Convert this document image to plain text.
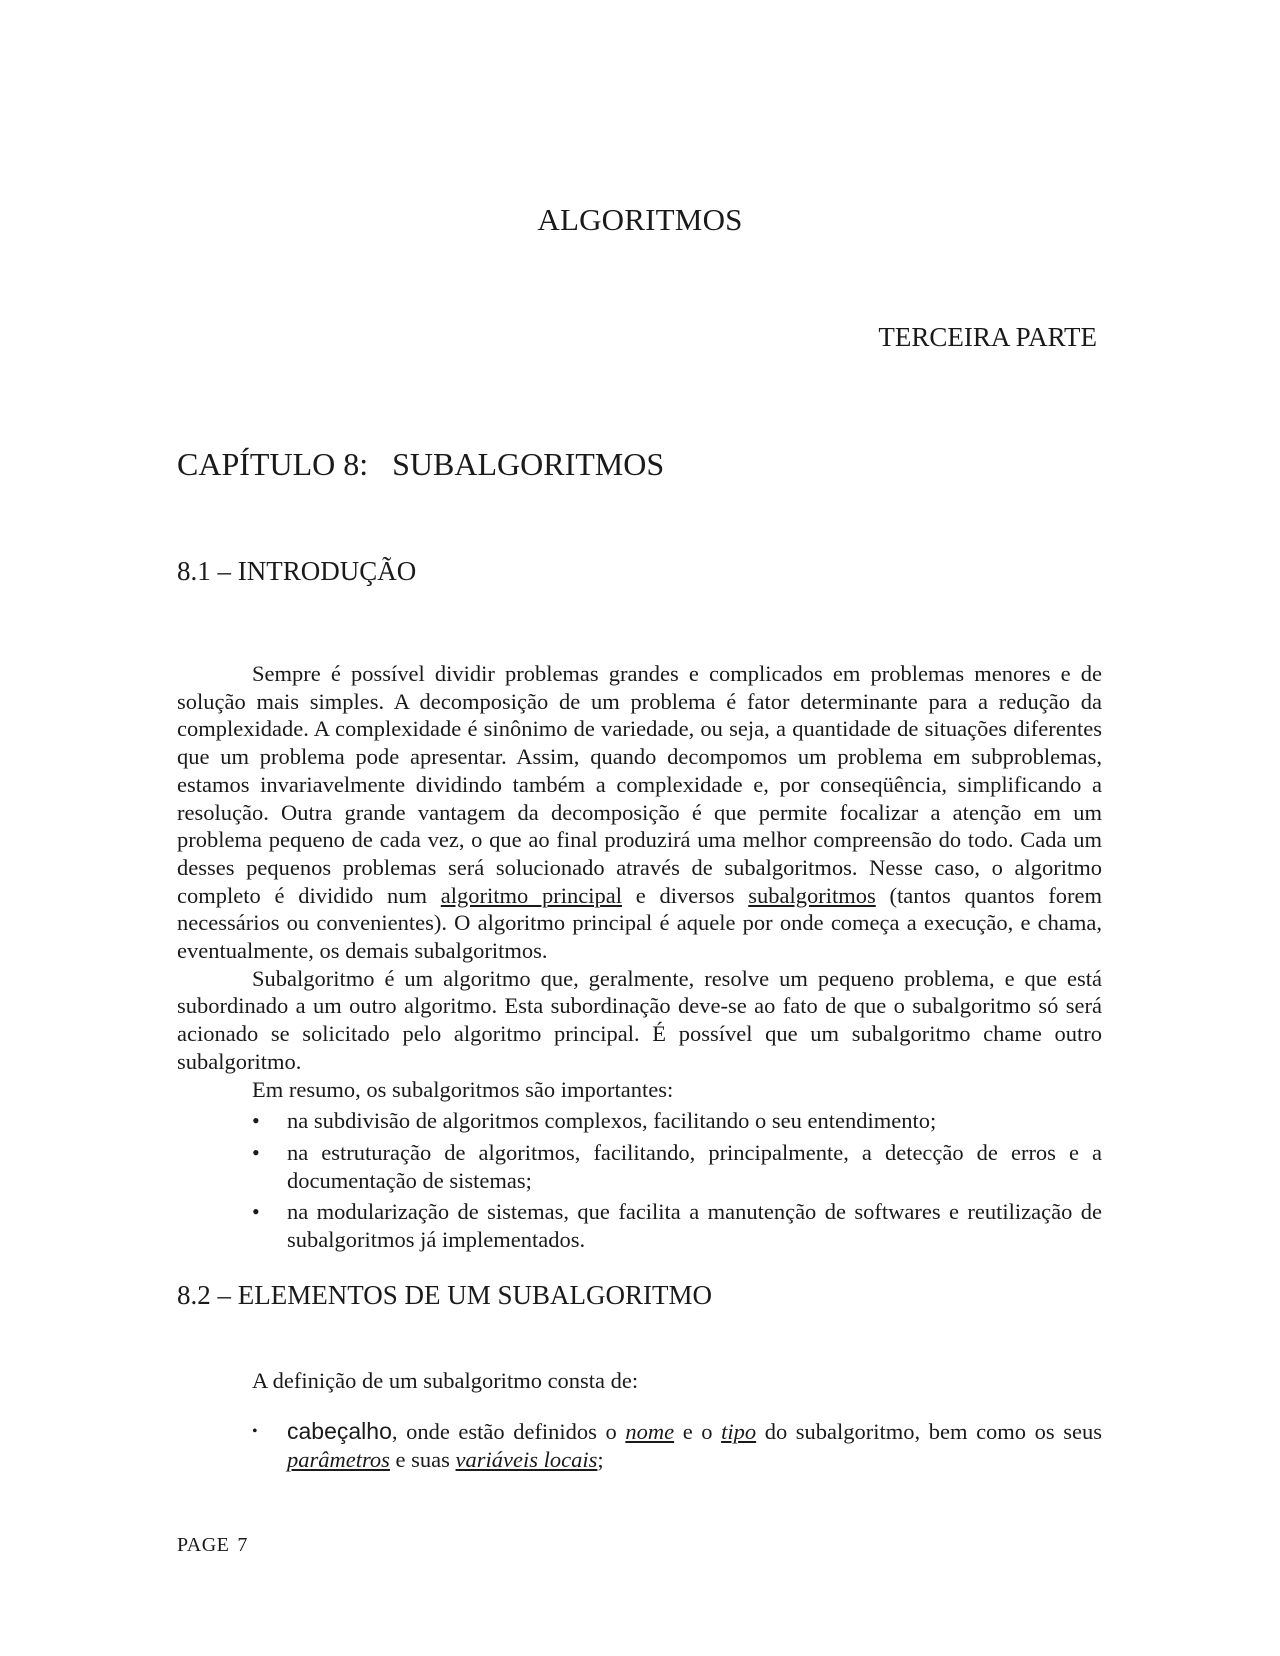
ALGORITMOS
TERCEIRA PARTE
CAPÍTULO 8: SUBALGORITMOS
8.1 – INTRODUÇÃO

Sempre é possível dividir problemas grandes e complicados em problemas menores e de solução mais simples. A decomposição de um problema é fator determinante para a redução da complexidade. A complexidade é sinônimo de variedade, ou seja, a quantidade de situações diferentes que um problema pode apresentar. Assim, quando decompomos um problema em subproblemas, estamos invariavelmente dividindo também a complexidade e, por conseqüência, simplificando a resolução. Outra grande vantagem da decomposição é que permite focalizar a atenção em um problema pequeno de cada vez, o que ao final produzirá uma melhor compreensão do todo. Cada um desses pequenos problemas será solucionado através de subalgoritmos. Nesse caso, o algoritmo completo é dividido num algoritmo principal e diversos subalgoritmos (tantos quantos forem necessários ou convenientes). O algoritmo principal é aquele por onde começa a execução, e chama, eventualmente, os demais subalgoritmos.

Subalgoritmo é um algoritmo que, geralmente, resolve um pequeno problema, e que está subordinado a um outro algoritmo. Esta subordinação deve-se ao fato de que o subalgoritmo só será acionado se solicitado pelo algoritmo principal. É possível que um subalgoritmo chame outro subalgoritmo.

Em resumo, os subalgoritmos são importantes:

• na subdivisão de algoritmos complexos, facilitando o seu entendimento;
• na estruturação de algoritmos, facilitando, principalmente, a detecção de erros e a documentação de sistemas;
• na modularização de sistemas, que facilita a manutenção de softwares e reutilização de subalgoritmos já implementados.
8.2 – ELEMENTOS DE UM SUBALGORITMO
A definição de um subalgoritmo consta de:
• cabeçalho, onde estão definidos o nome e o tipo do subalgoritmo, bem como os seus parâmetros e suas variáveis locais;
PAGE 7
